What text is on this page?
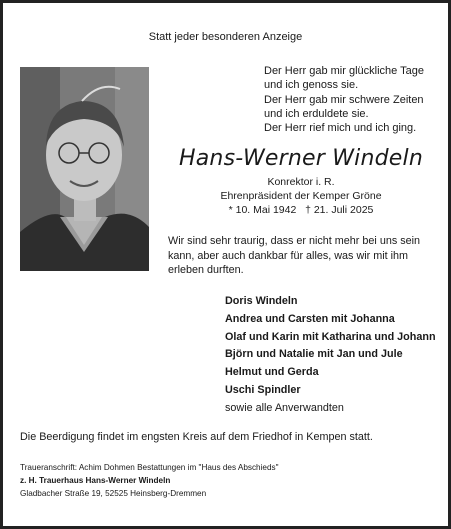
Statt jeder besonderen Anzeige
Der Herr gab mir glückliche Tage
und ich genoss sie.
Der Herr gab mir schwere Zeiten
und ich erduldete sie.
Der Herr rief mich und ich ging.
Hans-Werner Windeln
Konrektor i. R.
Ehrenpräsident der Kemper Gröne
* 10. Mai 1942   † 21. Juli 2025
Wir sind sehr traurig, dass er nicht mehr bei uns sein kann, aber auch dankbar für alles, was wir mit ihm erleben durften.
Doris Windeln
Andrea und Carsten mit Johanna
Olaf und Karin mit Katharina und Johann
Björn und Natalie mit Jan und Jule
Helmut und Gerda
Uschi Spindler
sowie alle Anverwandten
Die Beerdigung findet im engsten Kreis auf dem Friedhof in Kempen statt.
Traueranschrift: Achim Dohmen Bestattungen im "Haus des Abschieds"
z. H. Trauerhaus Hans-Werner Windeln
Gladbacher Straße 19, 52525 Heinsberg-Dremmen
